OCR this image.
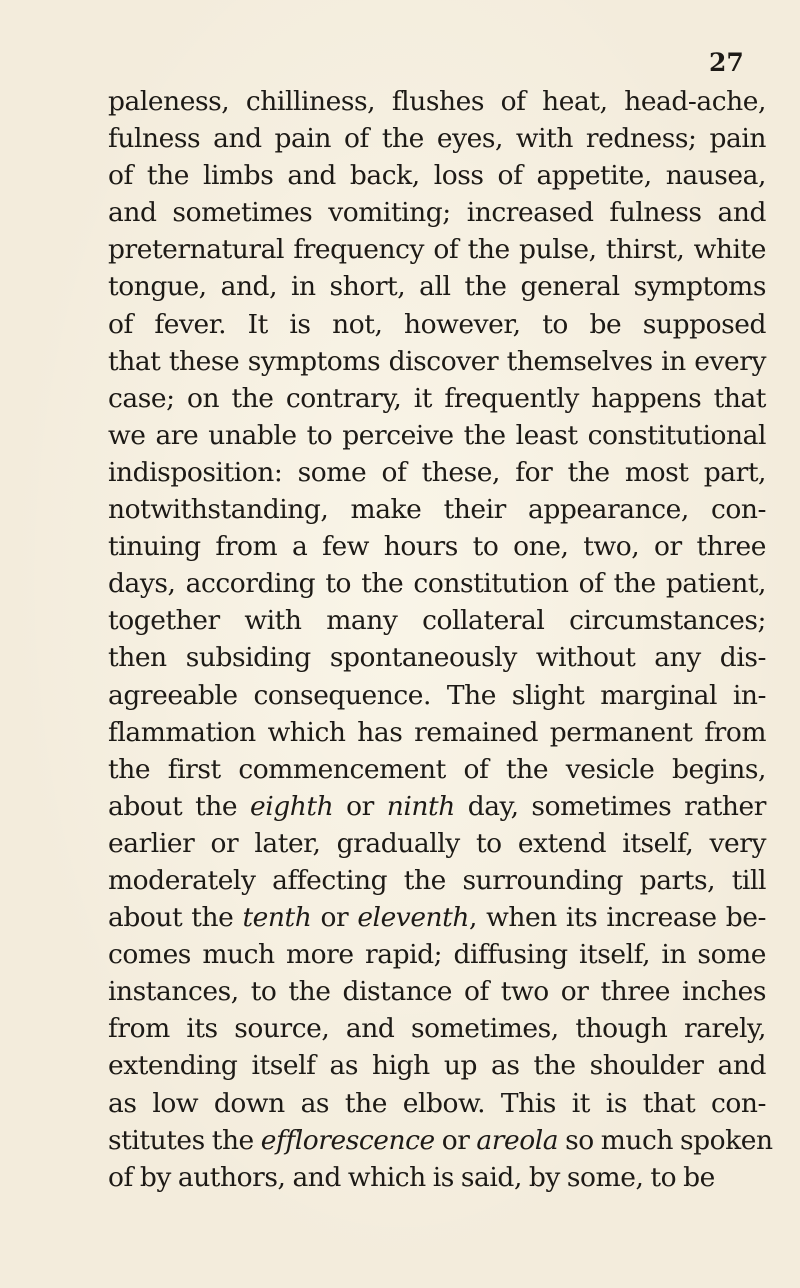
27
paleness, chilliness, flushes of heat, head-ache,
fulness and pain of the eyes, with redness; pain
of the limbs and back, loss of appetite, nausea,
and sometimes vomiting; increased fulness and
preternatural frequency of the pulse, thirst, white
tongue, and, in short, all the general symptoms
of fever. It is not, however, to be supposed
that these symptoms discover themselves in every
case; on the contrary, it frequently happens that
we are unable to perceive the least constitutional
indisposition: some of these, for the most part,
notwithstanding, make their appearance, con-
tinuing from a few hours to one, two, or three
days, according to the constitution of the patient,
together with many collateral circumstances;
then subsiding spontaneously without any dis-
agreeable consequence. The slight marginal in-
flammation which has remained permanent from
the first commencement of the vesicle begins,
about the eighth or ninth day, sometimes rather
earlier or later, gradually to extend itself, very
moderately affecting the surrounding parts, till
about the tenth or eleventh, when its increase be-
comes much more rapid; diffusing itself, in some
instances, to the distance of two or three inches
from its source, and sometimes, though rarely,
extending itself as high up as the shoulder and
as low down as the elbow. This it is that con-
stitutes the efflorescence or areola so much spoken
of by authors, and which is said, by some, to be
